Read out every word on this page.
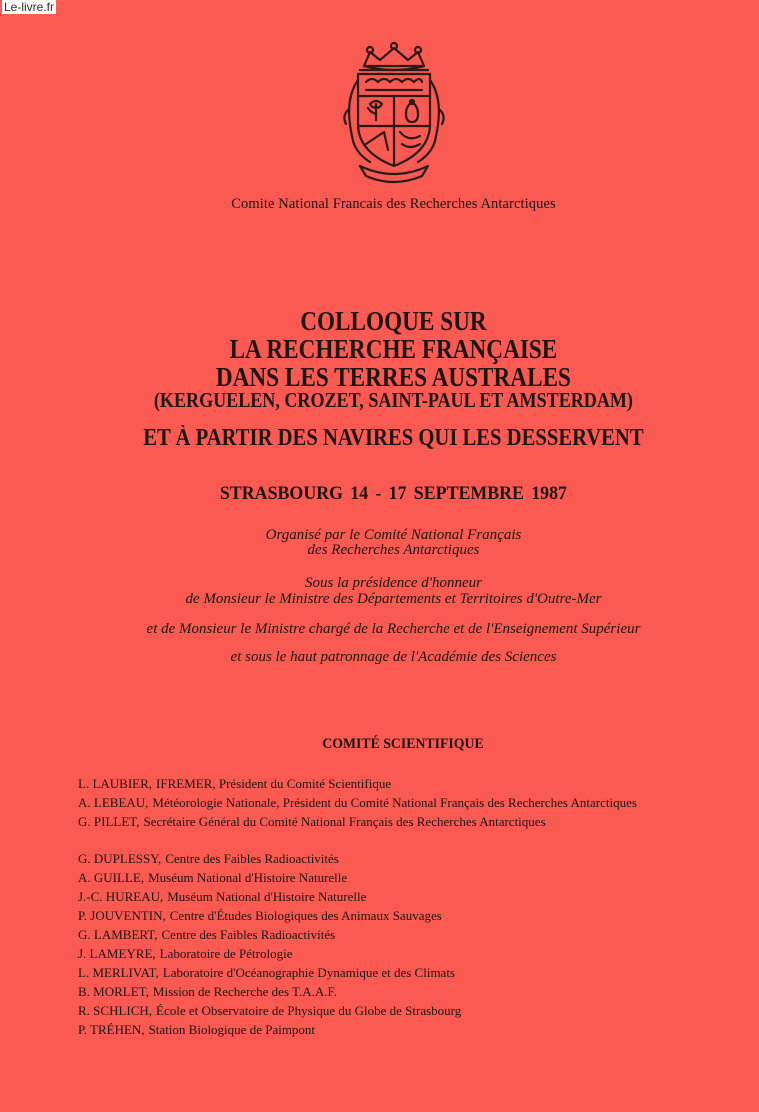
Le-livre.fr
Comite National Francais des Recherches Antarctiques
COLLOQUE SUR
LA RECHERCHE FRANÇAISE
DANS LES TERRES AUSTRALES
(KERGUELEN, CROZET, SAINT-PAUL ET AMSTERDAM)
ET À PARTIR DES NAVIRES QUI LES DESSERVENT
STRASBOURG 14 - 17 SEPTEMBRE 1987
Organisé par le Comité National Français
des Recherches Antarctiques
Sous la présidence d'honneur
de Monsieur le Ministre des Départements et Territoires d'Outre-Mer
et de Monsieur le Ministre chargé de la Recherche et de l'Enseignement Supérieur
et sous le haut patronnage de l'Académie des Sciences
COMITÉ SCIENTIFIQUE
L. LAUBIER, IFREMER, Président du Comité Scientifique
A. LEBEAU, Météorologie Nationale, Président du Comité National Français des Recherches Antarctiques
G. PILLET, Secrétaire Général du Comité National Français des Recherches Antarctiques
G. DUPLESSY, Centre des Faibles Radioactivités
A. GUILLE, Muséum National d'Histoire Naturelle
J.-C. HUREAU, Muséum National d'Histoire Naturelle
P. JOUVENTIN, Centre d'Études Biologiques des Animaux Sauvages
G. LAMBERT, Centre des Faibles Radioactivités
J. LAMEYRE, Laboratoire de Pétrologie
L. MERLIVAT, Laboratoire d'Océanographie Dynamique et des Climats
B. MORLET, Mission de Recherche des T.A.A.F.
R. SCHLICH, École et Observatoire de Physique du Globe de Strasbourg
P. TRÉHEN, Station Biologique de Paimpont
